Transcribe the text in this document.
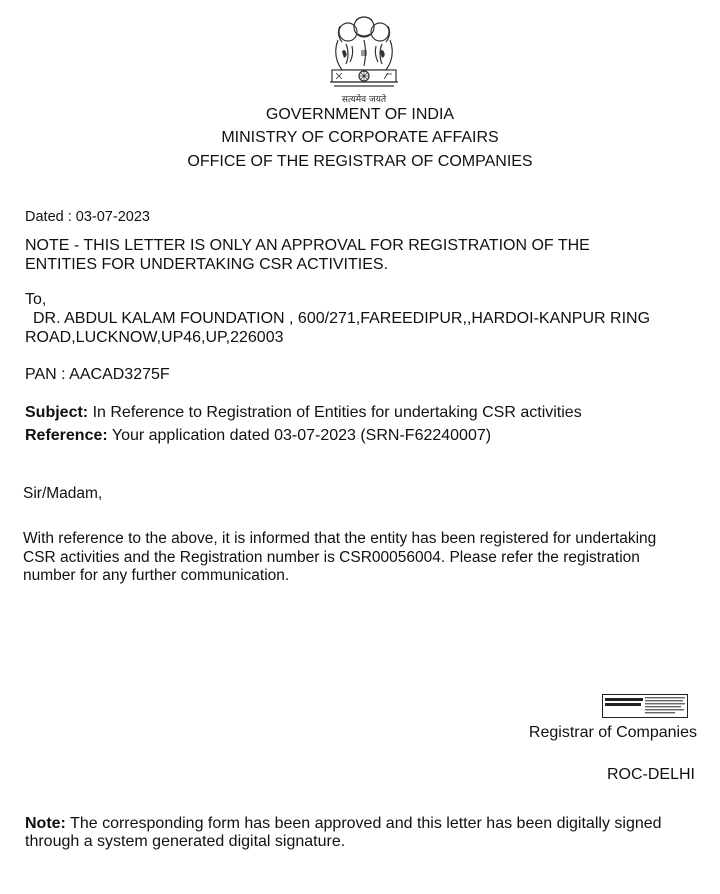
सत्यमेव जयते

GOVERNMENT OF INDIA

MINISTRY OF CORPORATE AFFAIRS

OFFICE OF THE REGISTRAR OF COMPANIES

Dated : 03-07-2023

NOTE - THIS LETTER IS ONLY AN APPROVAL FOR REGISTRATION OF THE

ENTITIES FOR UNDERTAKING CSR ACTIVITIES.

To,

DR. ABDUL KALAM FOUNDATION , 600/271,FAREEDIPUR,,HARDOI-KANPUR RING

ROAD,LUCKNOW,UP46,UP,226003

PAN : AACAD3275F

Subject: In Reference to Registration of Entities for undertaking CSR activities

Reference: Your application dated 03-07-2023 (SRN-F62240007)

Sir/Madam,

With reference to the above, it is informed that the entity has been registered for undertaking

CSR activities and the Registration number is CSR00056004. Please refer the registration

number for any further communication.

Registrar of Companies

ROC-DELHI

Note: The corresponding form has been approved and this letter has been digitally signed

through a system generated digital signature.
